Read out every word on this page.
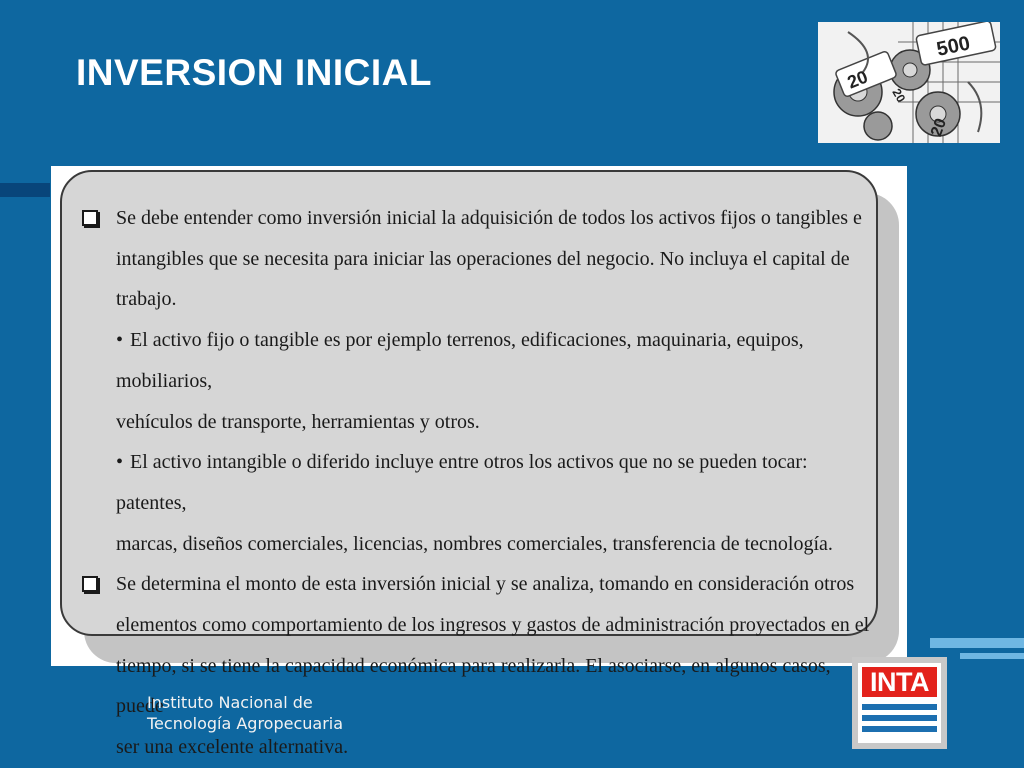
INVERSION INICIAL
500
20
20
20
Se debe entender como inversión inicial la adquisición de todos los activos fijos o tangibles e
intangibles que se necesita para iniciar las operaciones del negocio. No incluya el capital de trabajo.
• El activo fijo o tangible es por ejemplo terrenos, edificaciones, maquinaria, equipos, mobiliarios,
vehículos de transporte, herramientas y otros.
• El activo intangible o diferido incluye entre otros los activos que no se pueden tocar: patentes,
marcas, diseños comerciales, licencias, nombres comerciales, transferencia de tecnología.
Se determina el monto de esta inversión inicial y se analiza, tomando en consideración otros
elementos como comportamiento de los ingresos y gastos de administración proyectados en el
tiempo, si se tiene la capacidad económica para realizarla. El asociarse, en algunos casos, puede
ser una excelente alternativa.
Instituto Nacional de
Tecnología Agropecuaria
INTA
